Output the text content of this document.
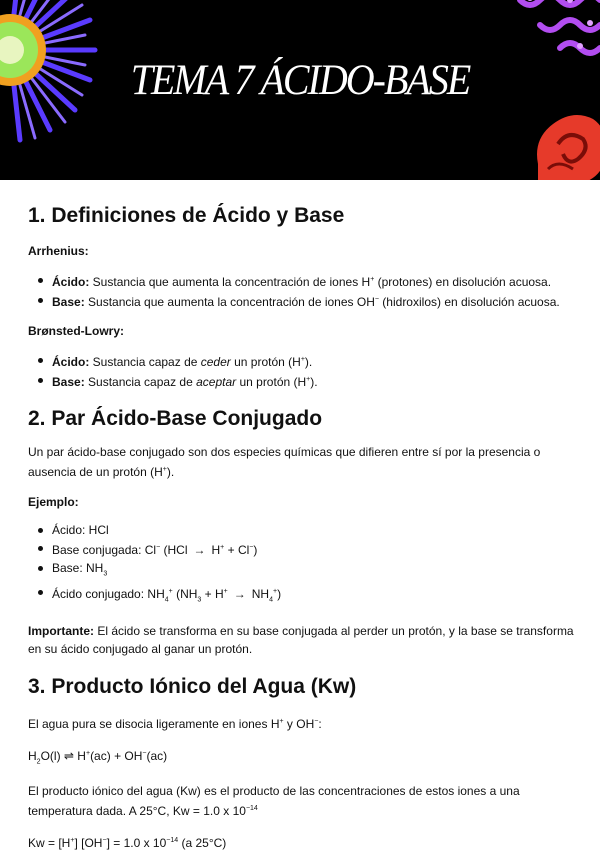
TEMA 7 ÁCIDO-BASE
1. Definiciones de Ácido y Base

Arrhenius:

Ácido: Sustancia que aumenta la concentración de iones H+ (protones) en disolución acuosa.
Base: Sustancia que aumenta la concentración de iones OH− (hidroxilos) en disolución acuosa.

Brønsted-Lowry:

Ácido: Sustancia capaz de ceder un protón (H+).
Base: Sustancia capaz de aceptar un protón (H+).
2. Par Ácido-Base Conjugado

Un par ácido-base conjugado son dos especies químicas que difieren entre sí por la presencia o ausencia de un protón (H+).

Ejemplo:

Ácido: HCl
Base conjugada: Cl− (HCl → H+ + Cl−)
Base: $NH_3$
Ácido conjugado: $NH_4^+$ $(NH_3 + H^+ \to NH_4^+)$

Importante: El ácido se transforma en su base conjugada al perder un protón, y la base se transforma en su ácido conjugado al ganar un protón.

3. Producto Iónico del Agua (Kw)

El agua pura se disocia ligeramente en iones H+ y OH−:

$H_2O(l)$ ⇌ H+(ac) + OH−(ac)

El producto iónico del agua (Kw) es el producto de las concentraciones de estos iones a una temperatura dada. A 25°C, Kw = 1.0 x $10^{-14}$

Kw = [H+] [OH−] = 1.0 x $10^{-14}$ (a 25°C)
